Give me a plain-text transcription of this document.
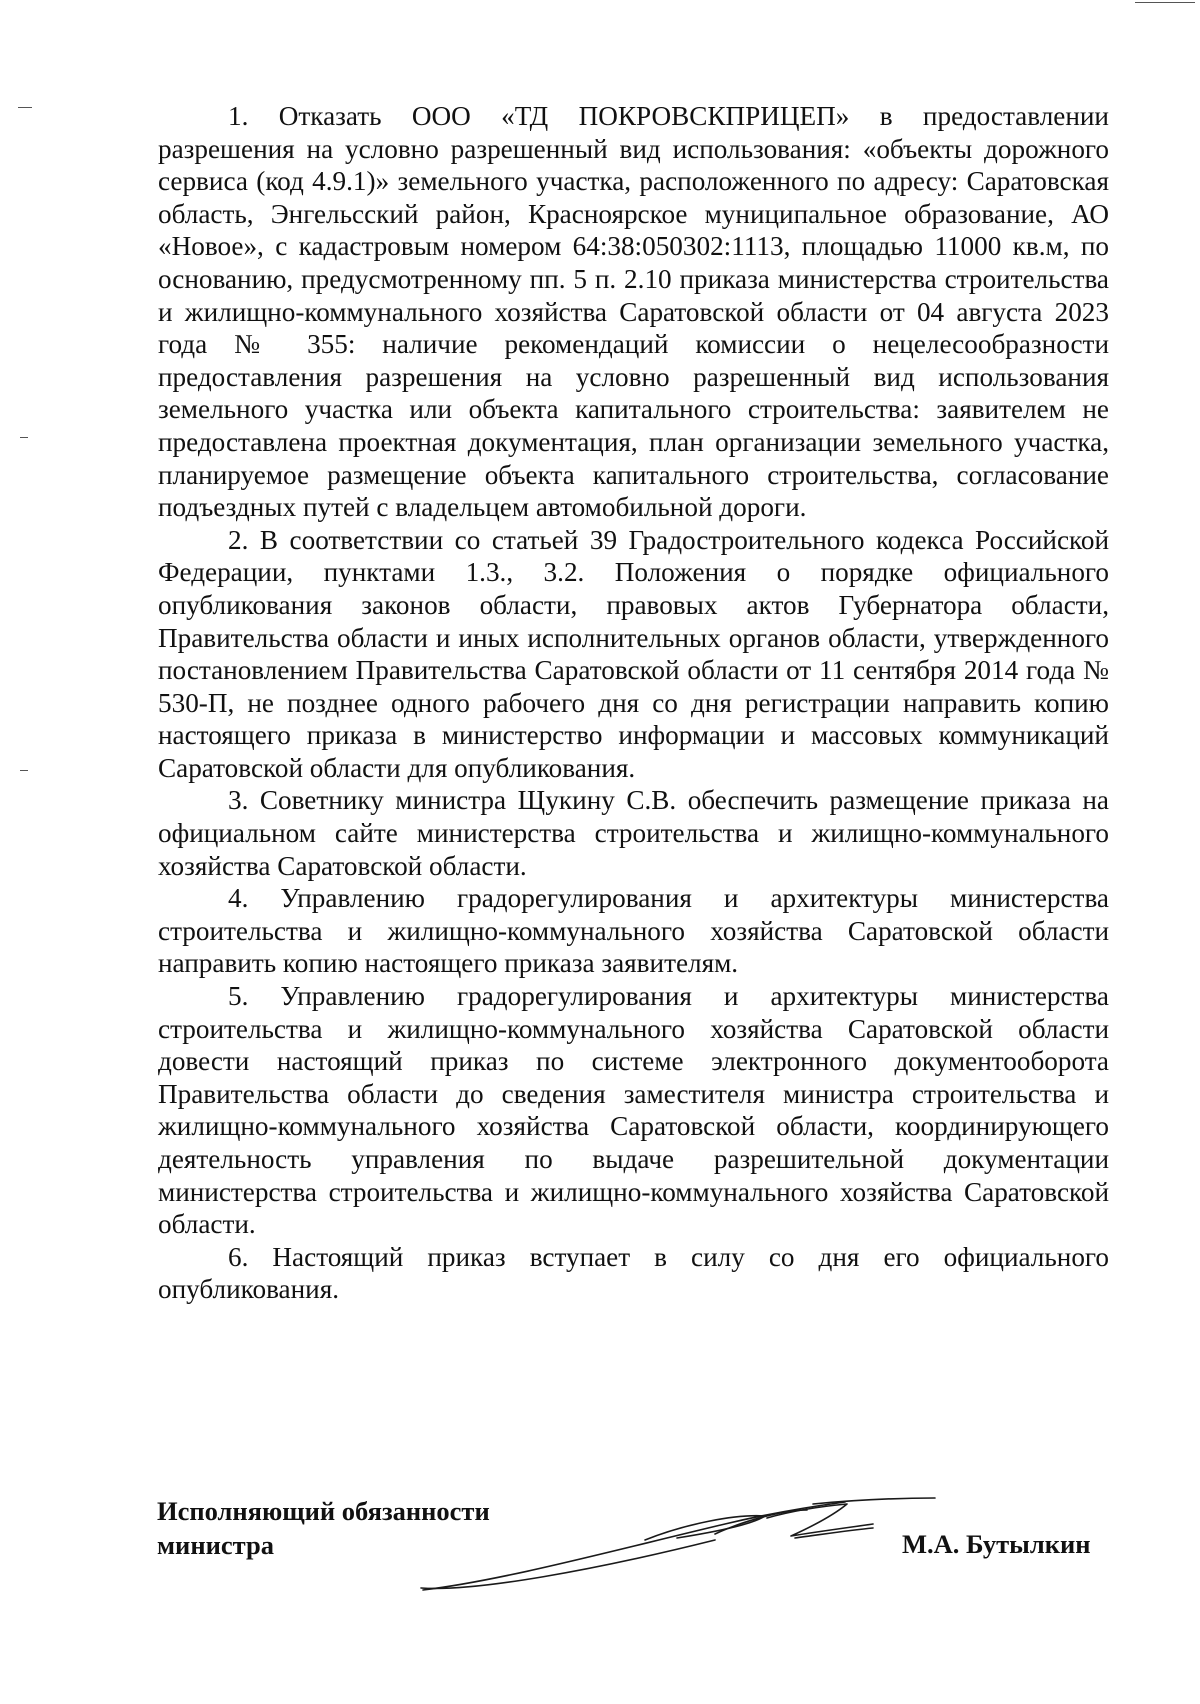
1. Отказать ООО «ТД ПОКРОВСКПРИЦЕП» в предоставлении разрешения на условно разрешенный вид использования: «объекты дорожного сервиса (код 4.9.1)» земельного участка, расположенного по адресу: Саратовская область, Энгельсский район, Красноярское муниципальное образование, АО «Новое», с кадастровым номером 64:38:050302:1113, площадью 11000 кв.м, по основанию, предусмотренному пп. 5 п. 2.10 приказа министерства строительства и жилищно-коммунального хозяйства Саратовской области от 04 августа 2023 года № 355: наличие рекомендаций комиссии о нецелесообразности предоставления разрешения на условно разрешенный вид использования земельного участка или объекта капитального строительства: заявителем не предоставлена проектная документация, план организации земельного участка, планируемое размещение объекта капитального строительства, согласование подъездных путей с владельцем автомобильной дороги.

2. В соответствии со статьей 39 Градостроительного кодекса Российской Федерации, пунктами 1.3., 3.2. Положения о порядке официального опубликования законов области, правовых актов Губернатора области, Правительства области и иных исполнительных органов области, утвержденного постановлением Правительства Саратовской области от 11 сентября 2014 года № 530-П, не позднее одного рабочего дня со дня регистрации направить копию настоящего приказа в министерство информации и массовых коммуникаций Саратовской области для опубликования.

3. Советнику министра Щукину С.В. обеспечить размещение приказа на официальном сайте министерства строительства и жилищно-коммунального хозяйства Саратовской области.

4. Управлению градорегулирования и архитектуры министерства строительства и жилищно-коммунального хозяйства Саратовской области направить копию настоящего приказа заявителям.

5. Управлению градорегулирования и архитектуры министерства строительства и жилищно-коммунального хозяйства Саратовской области довести настоящий приказ по системе электронного документооборота Правительства области до сведения заместителя министра строительства и жилищно-коммунального хозяйства Саратовской области, координирующего деятельность управления по выдаче разрешительной документации министерства строительства и жилищно-коммунального хозяйства Саратовской области.

6. Настоящий приказ вступает в силу со дня его официального опубликования.

Исполняющий обязанности
министра	М.А. Бутылкин
